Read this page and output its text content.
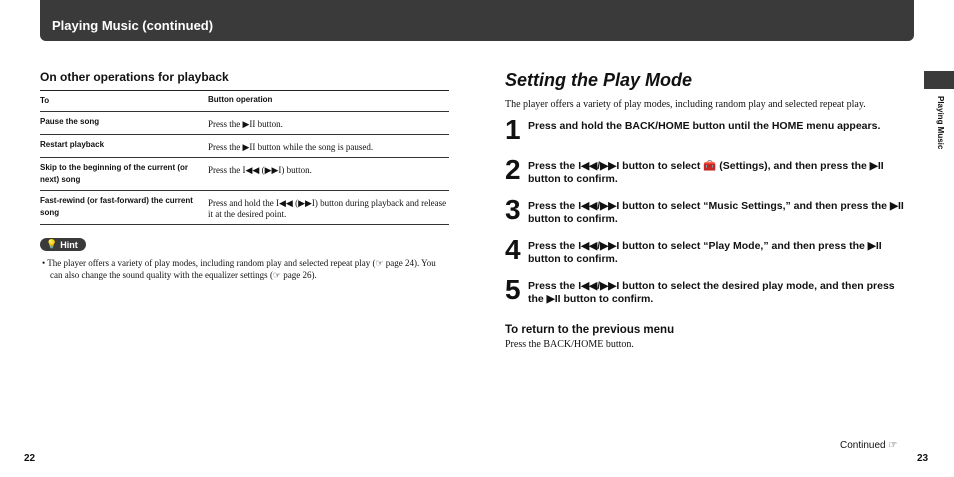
Playing Music (continued)
Playing Music
On other operations for playback
To	Button operation
Pause the song	Press the ▶II button.
Restart playback	Press the ▶II button while the song is paused.
Skip to the beginning of the current (or next) song	Press the I◀◀ (▶▶I) button.
Fast-rewind (or fast-forward) the current song	Press and hold the I◀◀ (▶▶I) button during playback and release it at the desired point.
💡 Hint
• The player offers a variety of play modes, including random play and selected repeat play (☞ page 24). You can also change the sound quality with the equalizer settings (☞ page 26).
Setting the Play Mode
The player offers a variety of play modes, including random play and selected repeat play.
1 Press and hold the BACK/HOME button until the HOME menu appears.
2 Press the I◀◀/▶▶I button to select 🧰 (Settings), and then press the ▶II button to confirm.
3 Press the I◀◀/▶▶I button to select “Music Settings,” and then press the ▶II button to confirm.
4 Press the I◀◀/▶▶I button to select “Play Mode,” and then press the ▶II button to confirm.
5 Press the I◀◀/▶▶I button to select the desired play mode, and then press the ▶II button to confirm.
To return to the previous menu
Press the BACK/HOME button.
Continued ☞
22	23
